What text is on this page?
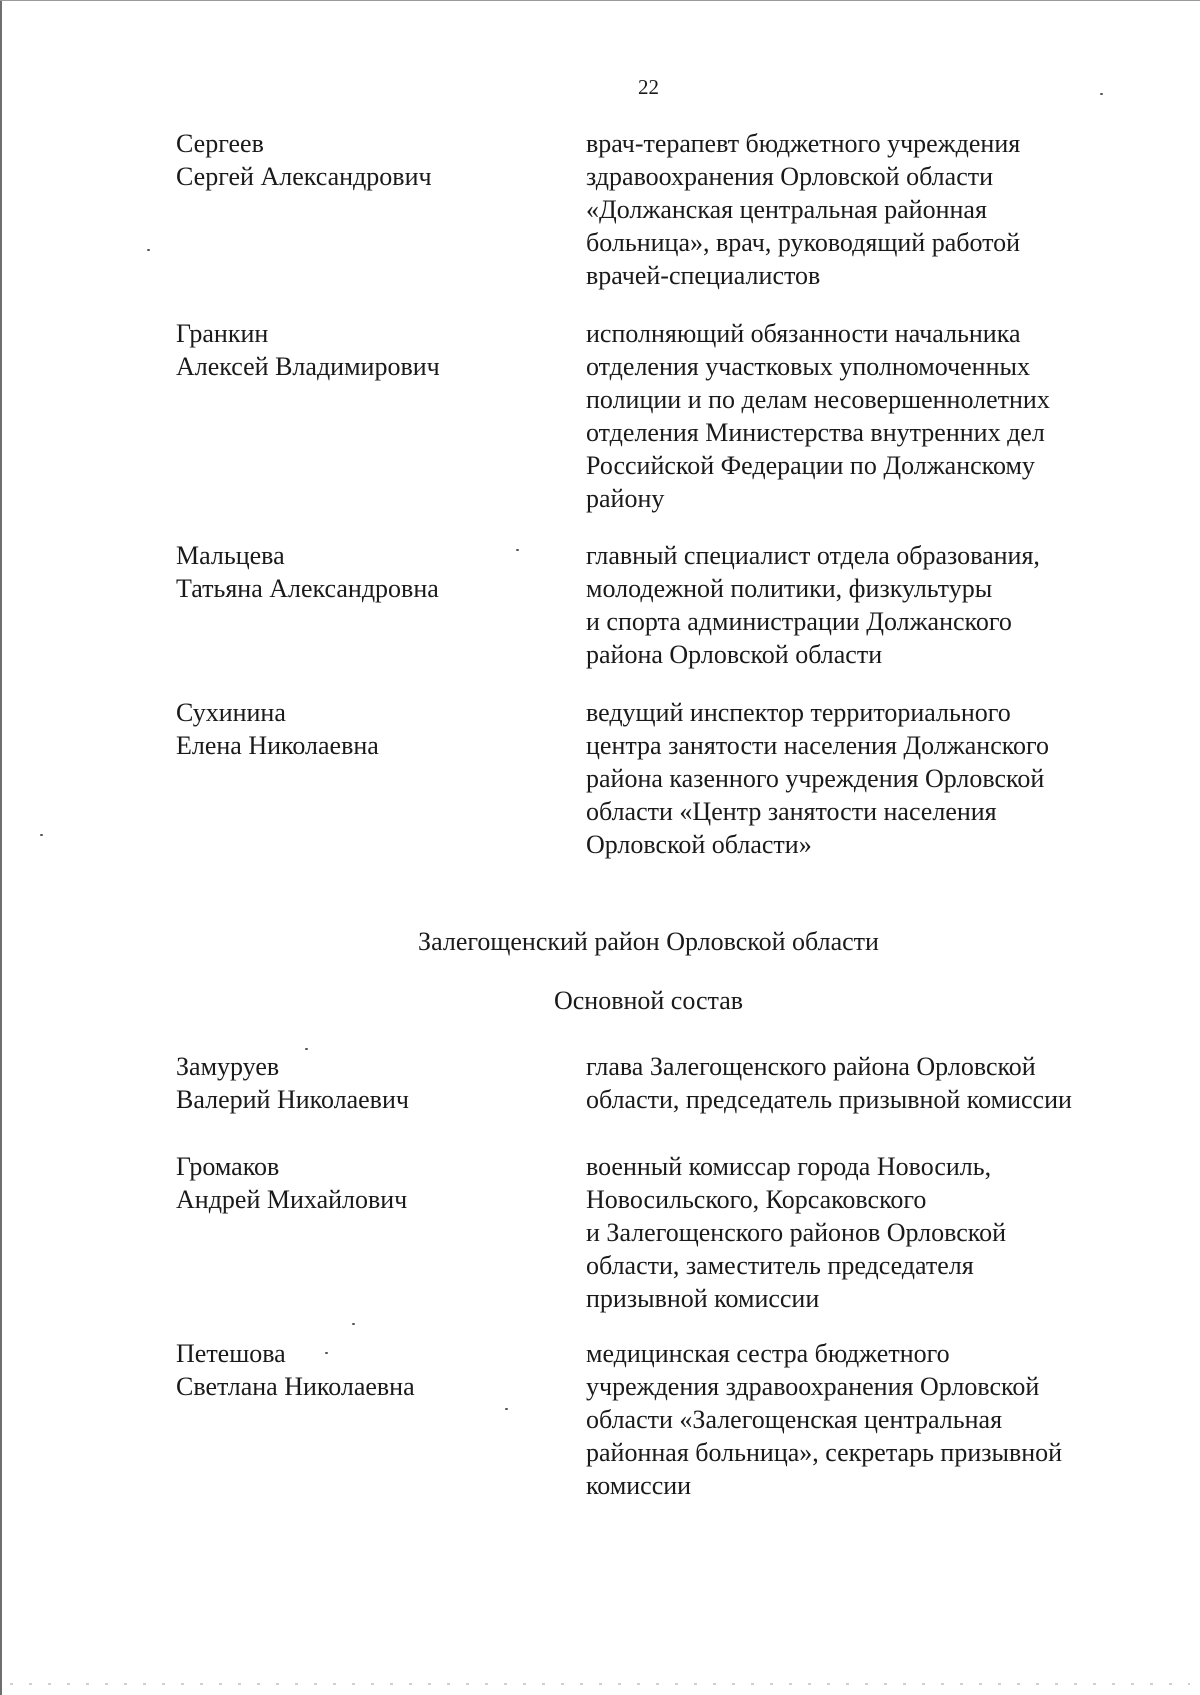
22
Сергеев
Сергей Александрович
врач-терапевт бюджетного учреждения
здравоохранения Орловской области
«Должанская центральная районная
больница», врач, руководящий работой
врачей-специалистов
Гранкин
Алексей Владимирович
исполняющий обязанности начальника
отделения участковых уполномоченных
полиции и по делам несовершеннолетних
отделения Министерства внутренних дел
Российской Федерации по Должанскому
району
Мальцева
Татьяна Александровна
главный специалист отдела образования,
молодежной политики, физкультуры
и спорта администрации Должанского
района Орловской области
Сухинина
Елена Николаевна
ведущий инспектор территориального
центра занятости населения Должанского
района казенного учреждения Орловской
области «Центр занятости населения
Орловской области»
Залегощенский район Орловской области
Основной состав
Замуруев
Валерий Николаевич
глава Залегощенского района Орловской
области, председатель призывной комиссии
Громаков
Андрей Михайлович
военный комиссар города Новосиль,
Новосильского, Корсаковского
и Залегощенского районов Орловской
области, заместитель председателя
призывной комиссии
Петешова
Светлана Николаевна
медицинская сестра бюджетного
учреждения здравоохранения Орловской
области «Залегощенская центральная
районная больница», секретарь призывной
комиссии
